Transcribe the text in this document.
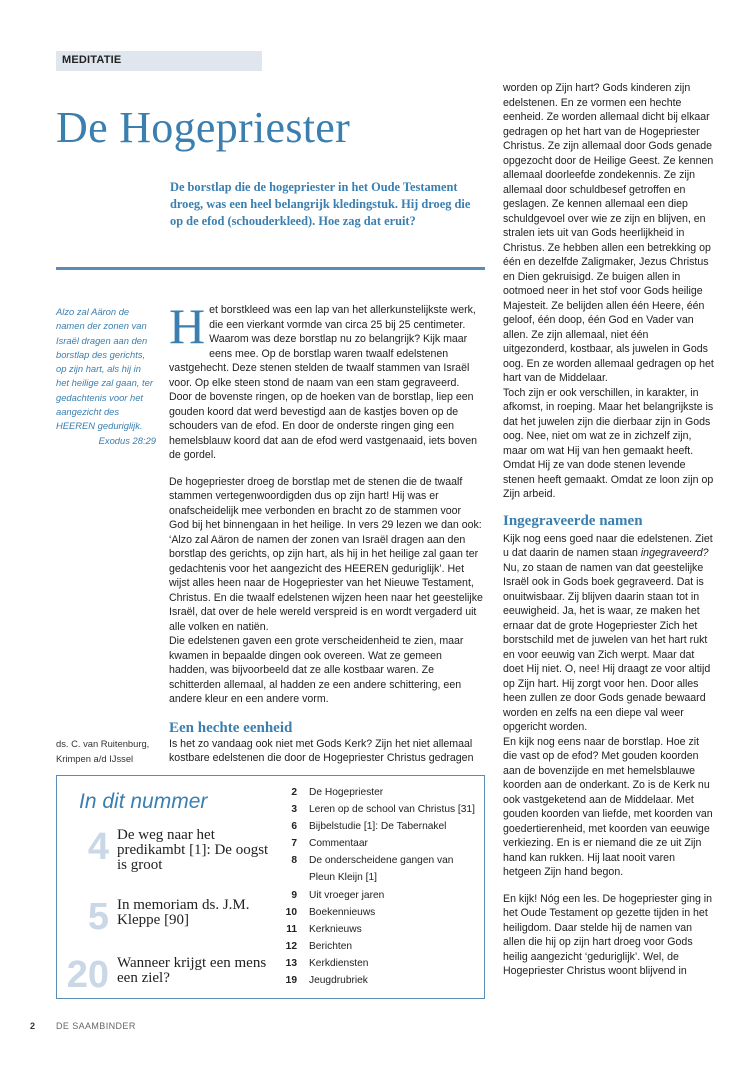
MEDITATIE
De Hogepriester
De borstlap die de hogepriester in het Oude Testament droeg, was een heel belangrijk kledingstuk. Hij droeg die op de efod (schouderkleed). Hoe zag dat eruit?
Alzo zal Aäron de namen der zonen van Israël dragen aan den borstlap des gerichts, op zijn hart, als hij in het heilige zal gaan, ter gedachtenis voor het aangezicht des HEEREN geduriglijk.
Exodus 28:29
ds. C. van Ruitenburg,
Krimpen a/d IJssel

Het borstkleed was een lap van het allerkunstelijkste werk, die een vierkant vormde van circa 25 bij 25 centimeter. Waarom was deze borstlap nu zo belangrijk? Kijk maar eens mee. Op de borstlap waren twaalf edelstenen vastgehecht. Deze stenen stelden de twaalf stammen van Israël voor. Op elke steen stond de naam van een stam gegraveerd. Door de bovenste ringen, op de hoeken van de borstlap, liep een gouden koord dat werd bevestigd aan de kastjes boven op de schouders van de efod. En door de onderste ringen ging een hemelsblauw koord dat aan de efod werd vastgenaaid, iets boven de gordel.

De hogepriester droeg de borstlap met de stenen die de twaalf stammen vertegenwoordigden dus op zijn hart! Hij was er onafscheidelijk mee verbonden en bracht zo de stammen voor God bij het binnengaan in het heilige. In vers 29 lezen we dan ook: ‘Alzo zal Aäron de namen der zonen van Israël dragen aan den borstlap des gerichts, op zijn hart, als hij in het heilige zal gaan ter gedachtenis voor het aangezicht des HEEREN geduriglijk’. Het wijst alles heen naar de Hogepriester van het Nieuwe Testament, Christus. En die twaalf edelstenen wijzen heen naar het geestelijke Israël, dat over de hele wereld verspreid is en wordt vergaderd uit alle volken en natiën.

Die edelstenen gaven een grote verscheidenheid te zien, maar kwamen in bepaalde dingen ook overeen. Wat ze gemeen hadden, was bijvoorbeeld dat ze alle kostbaar waren. Ze schitterden allemaal, al hadden ze een andere schittering, een andere kleur en een andere vorm.

Een hechte eenheid

Is het zo vandaag ook niet met Gods Kerk? Zijn het niet allemaal kostbare edelstenen die door de Hogepriester Christus gedragen

worden op Zijn hart? Gods kinderen zijn edelstenen. En ze vormen een hechte eenheid. Ze worden allemaal dicht bij elkaar gedragen op het hart van de Hogepriester Christus. Ze zijn allemaal door Gods genade opgezocht door de Heilige Geest. Ze kennen allemaal doorleefde zondekennis. Ze zijn allemaal door schuldbesef getroffen en geslagen. Ze kennen allemaal een diep schuldgevoel over wie ze zijn en blijven, en stralen iets uit van Gods heerlijkheid in Christus. Ze hebben allen een betrekking op één en dezelfde Zaligmaker, Jezus Christus en Dien gekruisigd. Ze buigen allen in ootmoed neer in het stof voor Gods heilige Majesteit. Ze belijden allen één Heere, één geloof, één doop, één God en Vader van allen. Ze zijn allemaal, niet één uitgezonderd, kostbaar, als juwelen in Gods oog. En ze worden allemaal gedragen op het hart van de Middelaar.

Toch zijn er ook verschillen, in karakter, in afkomst, in roeping. Maar het belangrijkste is dat het juwelen zijn die dierbaar zijn in Gods oog. Nee, niet om wat ze in zichzelf zijn, maar om wat Hij van hen gemaakt heeft. Omdat Hij ze van dode stenen levende stenen heeft gemaakt. Omdat ze loon zijn op Zijn arbeid.

Ingegraveerde namen

Kijk nog eens goed naar die edelstenen. Ziet u dat daarin de namen staan ingegraveerd? Nu, zo staan de namen van dat geestelijke Israël ook in Gods boek gegraveerd. Dat is onuitwisbaar. Zij blijven daarin staan tot in eeuwigheid. Ja, het is waar, ze maken het ernaar dat de grote Hogepriester Zich het borstschild met de juwelen van het hart rukt en voor eeuwig van Zich werpt. Maar dat doet Hij niet. O, nee! Hij draagt ze voor altijd op Zijn hart. Hij zorgt voor hen. Door alles heen zullen ze door Gods genade bewaard worden en zelfs na een diepe val weer opgericht worden.

En kijk nog eens naar de borstlap. Hoe zit die vast op de efod? Met gouden koorden aan de bovenzijde en met hemelsblauwe koorden aan de onderkant. Zo is de Kerk nu ook vastgeketend aan de Middelaar. Met gouden koorden van liefde, met koorden van goedertierenheid, met koorden van eeuwige verkiezing. En is er niemand die ze uit Zijn hand kan rukken. Hij laat nooit varen hetgeen Zijn hand begon.

En kijk! Nóg een les. De hogepriester ging in het Oude Testament op gezette tijden in het heiligdom. Daar stelde hij de namen van allen die hij op zijn hart droeg voor Gods heilig aangezicht ‘geduriglijk’. Wel, de Hogepriester Christus woont blijvend in

In dit nummer
4 De weg naar het predikambt [1]: De oogst is groot
5 In memoriam ds. J.M. Kleppe [90]
20 Wanneer krijgt een mens een ziel?
2 De Hogepriester
3 Leren op de school van Christus [31]
6 Bijbelstudie [1]: De Tabernakel
7 Commentaar
8 De onderscheidene gangen van
Pleun Kleijn [1]
9 Uit vroeger jaren
10 Boekennieuws
11 Kerknieuws
12 Berichten
13 Kerkdiensten
19 Jeugdrubriek
2 DE SAAMBINDER
